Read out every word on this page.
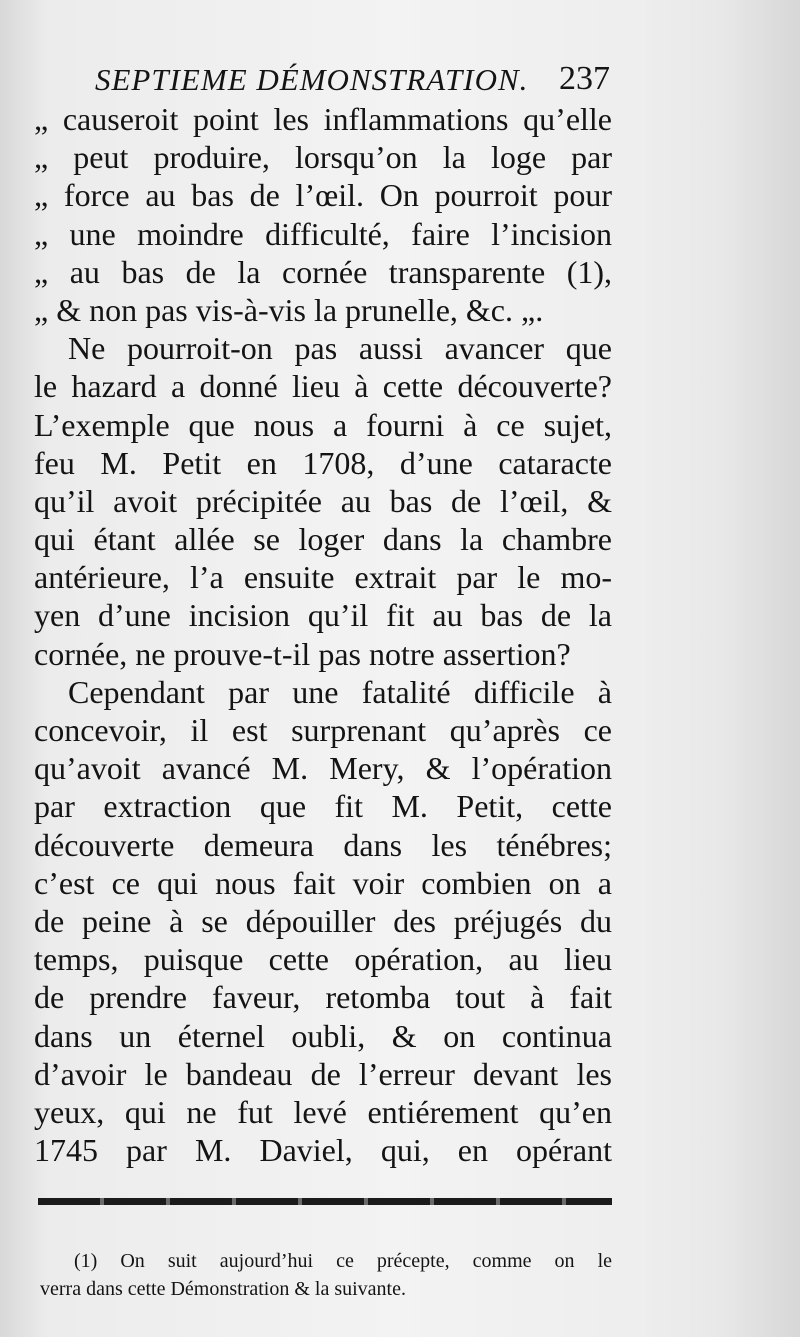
SEPTIEME DÉMONSTRATION. 237
„ causeroit point les inflammations qu’elle
„ peut produire, lorsqu’on la loge par
„ force au bas de l’œil. On pourroit pour
„ une moindre difficulté, faire l’incision
„ au bas de la cornée transparente (1),
„ & non pas vis-à-vis la prunelle, &c. „.
Ne pourroit-on pas aussi avancer que
le hazard a donné lieu à cette découverte?
L’exemple que nous a fourni à ce sujet,
feu M. Petit en 1708, d’une cataracte
qu’il avoit précipitée au bas de l’œil, &
qui étant allée se loger dans la chambre
antérieure, l’a ensuite extrait par le mo-
yen d’une incision qu’il fit au bas de la
cornée, ne prouve-t-il pas notre assertion?
Cependant par une fatalité difficile à
concevoir, il est surprenant qu’après ce
qu’avoit avancé M. Mery, & l’opération
par extraction que fit M. Petit, cette
découverte demeura dans les ténébres;
c’est ce qui nous fait voir combien on a
de peine à se dépouiller des préjugés du
temps, puisque cette opération, au lieu
de prendre faveur, retomba tout à fait
dans un éternel oubli, & on continua
d’avoir le bandeau de l’erreur devant les
yeux, qui ne fut levé entiérement qu’en
1745 par M. Daviel, qui, en opérant
(1) On suit aujourd’hui ce précepte, comme on le
verra dans cette Démonstration & la suivante.
